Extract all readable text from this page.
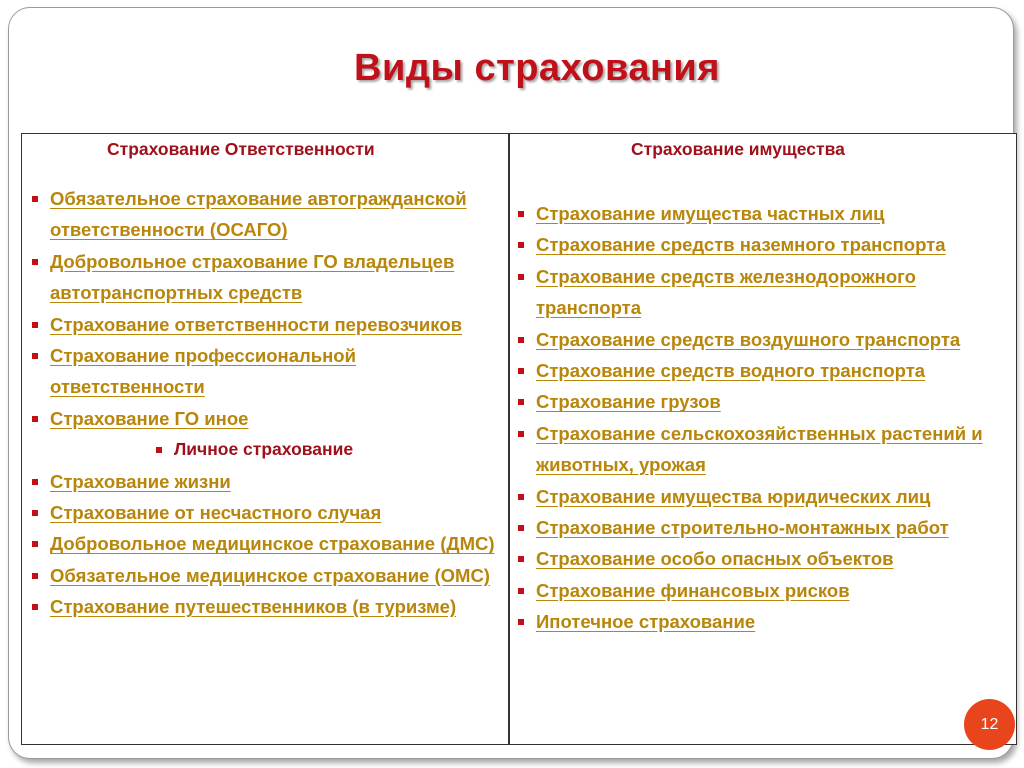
Виды страхования
Страхование Ответственности	Страхование имущества
Обязательное страхование автогражданской ответственности (ОСАГО)
Добровольное страхование ГО владельцев автотранспортных средств
Страхование ответственности перевозчиков
Страхование профессиональной ответственности
Страхование ГО иное
Личное страхование
Страхование жизни
Страхование от несчастного случая
Добровольное медицинское страхование (ДМС)
Обязательное медицинское страхование (ОМС)
Страхование путешественников (в туризме)
Страхование имущества частных лиц
Страхование средств наземного транспорта
Страхование средств железнодорожного транспорта
Страхование средств воздушного транспорта
Страхование средств водного транспорта
Страхование грузов
Страхование сельскохозяйственных растений и животных, урожая
Страхование имущества юридических лиц
Страхование строительно-монтажных работ
Страхование особо опасных объектов
Страхование финансовых рисков
Ипотечное страхование
12
